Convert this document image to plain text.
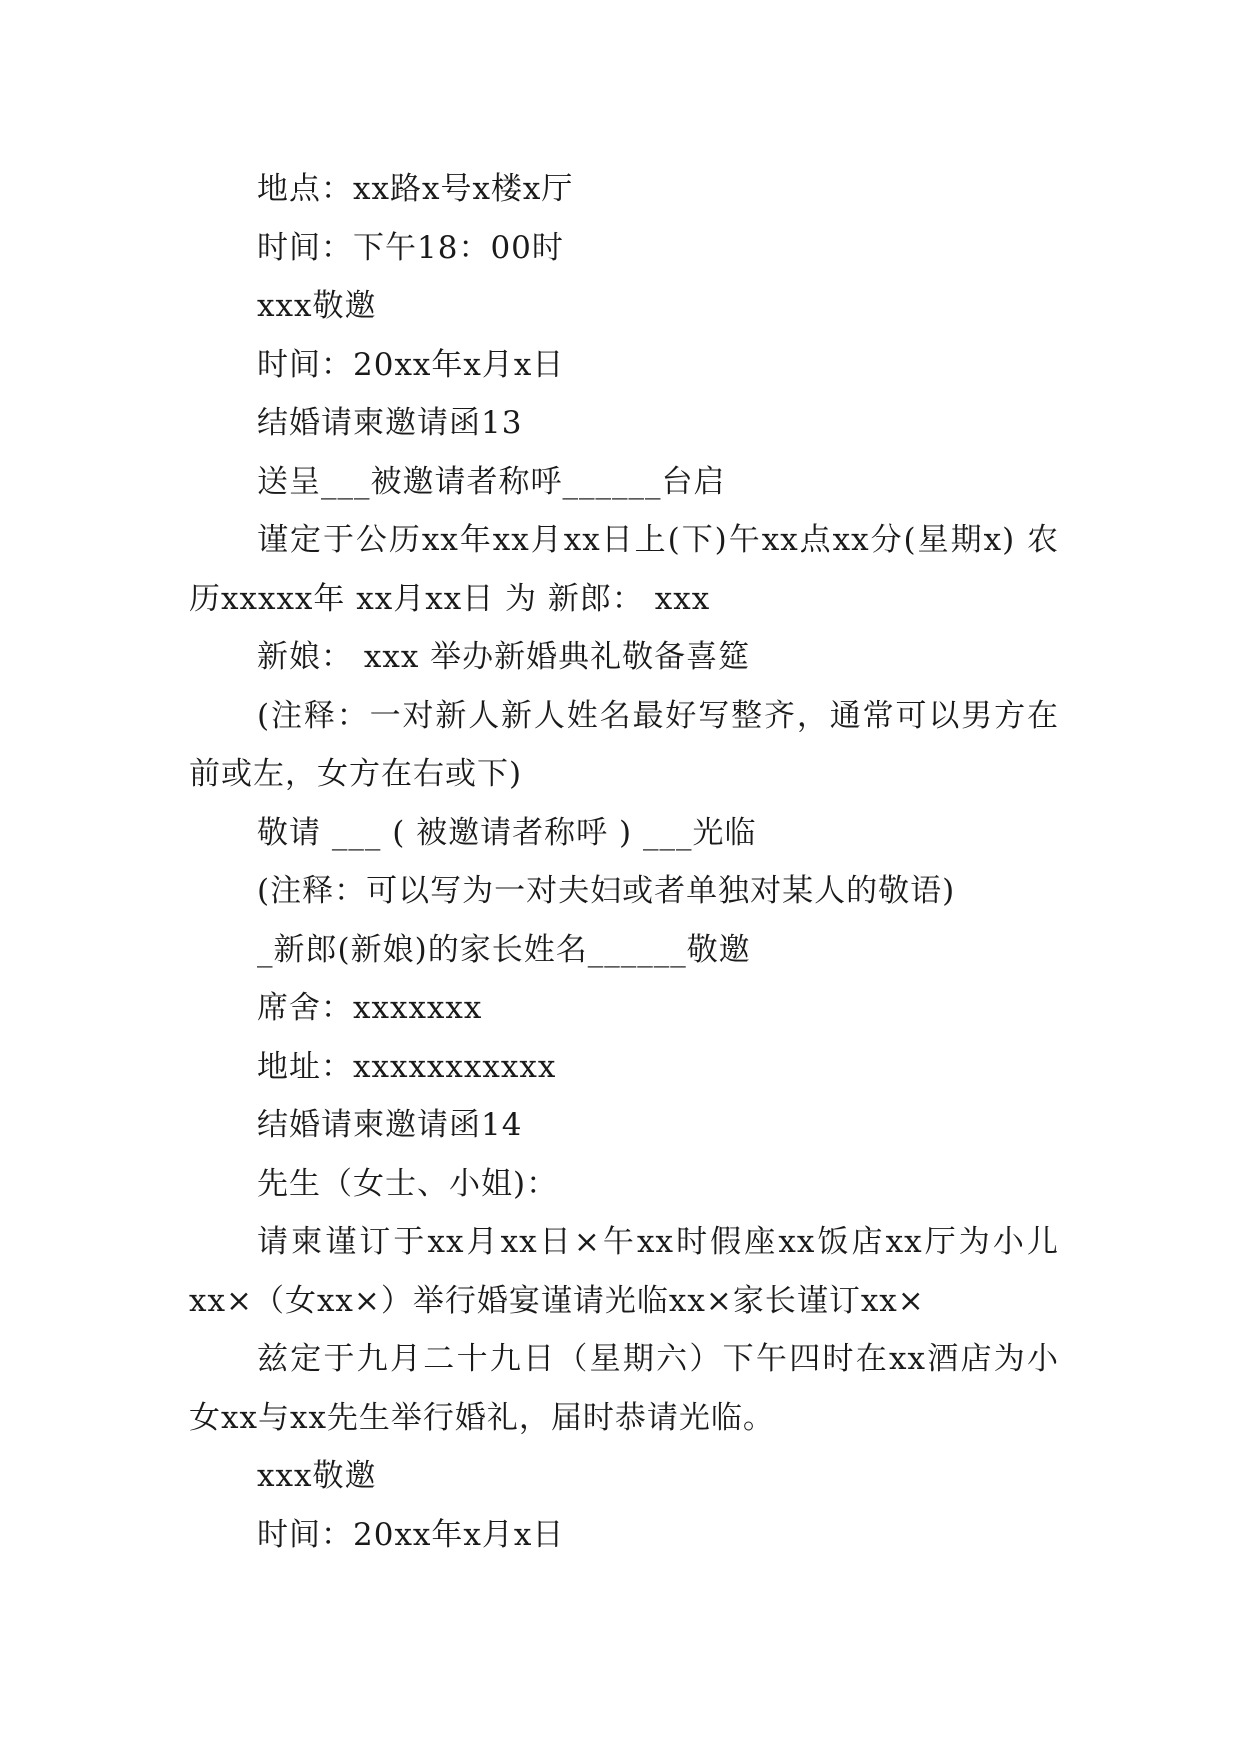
地点：xx路x号x楼x厅

时间：下午18：00时

xxx敬邀

时间：20xx年x月x日

结婚请柬邀请函13

送呈___被邀请者称呼______台启

谨定于公历xx年xx月xx日上(下)午xx点xx分(星期x) 农历xxxxx年 xx月xx日 为 新郎： xxx

新娘： xxx 举办新婚典礼敬备喜筵

(注释：一对新人新人姓名最好写整齐，通常可以男方在前或左，女方在右或下)

敬请 ___ ( 被邀请者称呼 ) ___光临

(注释：可以写为一对夫妇或者单独对某人的敬语)

_新郎(新娘)的家长姓名______敬邀

席舍：xxxxxxx

地址：xxxxxxxxxxx

结婚请柬邀请函14

先生（女士、小姐)：

请柬谨订于xx月xx日×午xx时假座xx饭店xx厅为小儿xx×（女xx×）举行婚宴谨请光临xx×家长谨订xx×

兹定于九月二十九日（星期六）下午四时在xx酒店为小女xx与xx先生举行婚礼，届时恭请光临。

xxx敬邀

时间：20xx年x月x日
